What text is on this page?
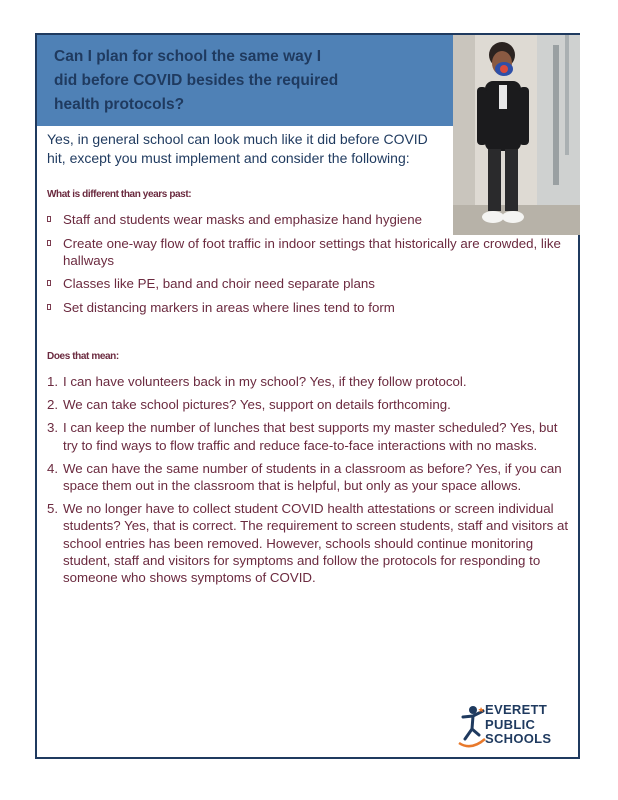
Can I plan for school the same way I did before COVID besides the required health protocols?
Yes, in general school can look much like it did before COVID hit, except you must implement and consider the following:
What is different than years past:
Staff and students wear masks and emphasize hand hygiene
Create one-way flow of foot traffic in indoor settings that historically are crowded, like hallways
Classes like PE, band and choir need separate plans
Set distancing markers in areas where lines tend to form
Does that mean:
1. I can have volunteers back in my school? Yes, if they follow protocol.
2. We can take school pictures? Yes, support on details forthcoming.
3. I can keep the number of lunches that best supports my master scheduled? Yes, but try to find ways to flow traffic and reduce face-to-face interactions with no masks.
4. We can have the same number of students in a classroom as before? Yes, if you can space them out in the classroom that is helpful, but only as your space allows.
5. We no longer have to collect student COVID health attestations or screen individual students? Yes, that is correct. The requirement to screen students, staff and visitors at school entries has been removed. However, schools should continue monitoring student, staff and visitors for symptoms and follow the protocols for responding to someone who shows symptoms of COVID.
EVERETT
PUBLIC
SCHOOLS
